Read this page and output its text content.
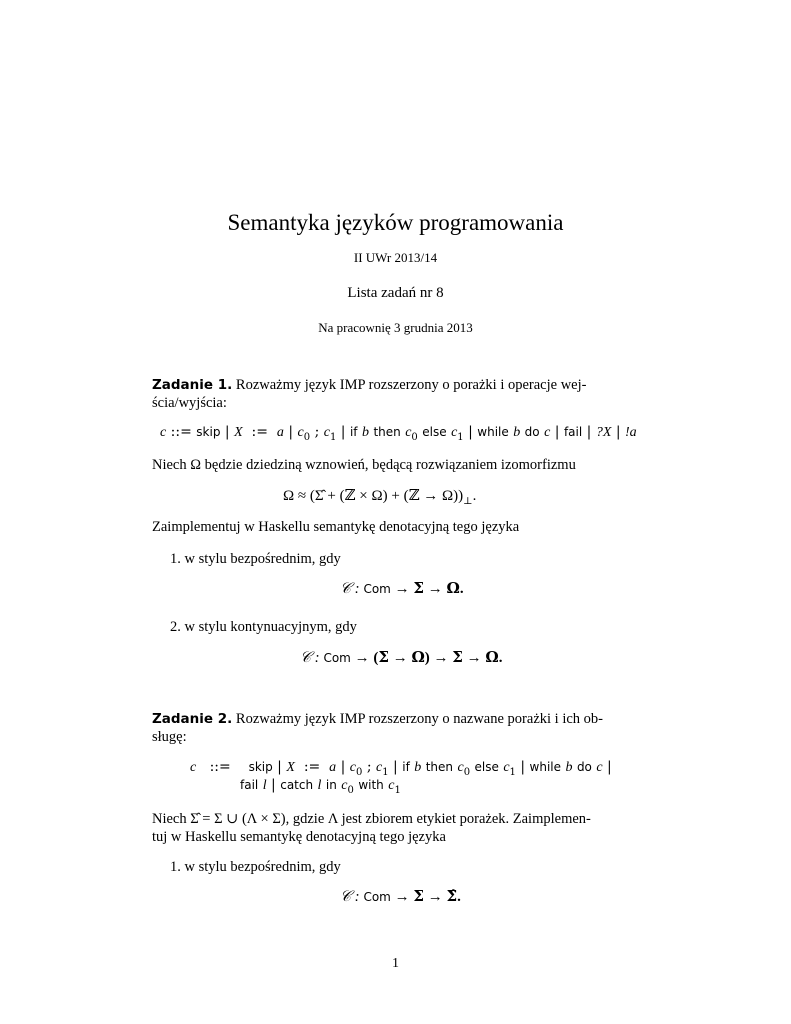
Semantyka języków programowania
II UWr 2013/14
Lista zadań nr 8
Na pracownię 3 grudnia 2013
Zadanie 1. Rozważmy język IMP rozszerzony o porażki i operacje wej-
ścia/wyjścia:
c ::= skip | X := a | $c_0$ ; $c_1$ | if b then $c_0$ else $c_1$ | while b do c | fail | ?X | !a
Niech Ω będzie dziedziną wznowień, będącą rozwiązaniem izomorfizmu
Ω ≈ (Σ̂ + (ℤ × Ω) + (ℤ → $\Omega))_\perp$.
Zaimplementuj w Haskellu semantykę denotacyjną tego języka
1. w stylu bezpośrednim, gdy
𝒞 : Com → 𝚺 → 𝛀.
2. w stylu kontynuacyjnym, gdy
𝒞 : Com → (𝚺 → 𝛀) → 𝚺 → 𝛀.
Zadanie 2. Rozważmy język IMP rozszerzony o nazwane porażki i ich ob-
sługę:
c ::= skip | X := a | $c_0$ ; $c_1$ | if b then $c_0$ else $c_1$ | while b do c |
fail l | catch l in $c_0$ with $c_1$
Niech Σ̂ = Σ ∪ (Λ × Σ), gdzie Λ jest zbiorem etykiet porażek. Zaimplemen-
tuj w Haskellu semantykę denotacyjną tego języka
1. w stylu bezpośrednim, gdy
𝒞 : Com → 𝚺 → 𝚺̂.
1
